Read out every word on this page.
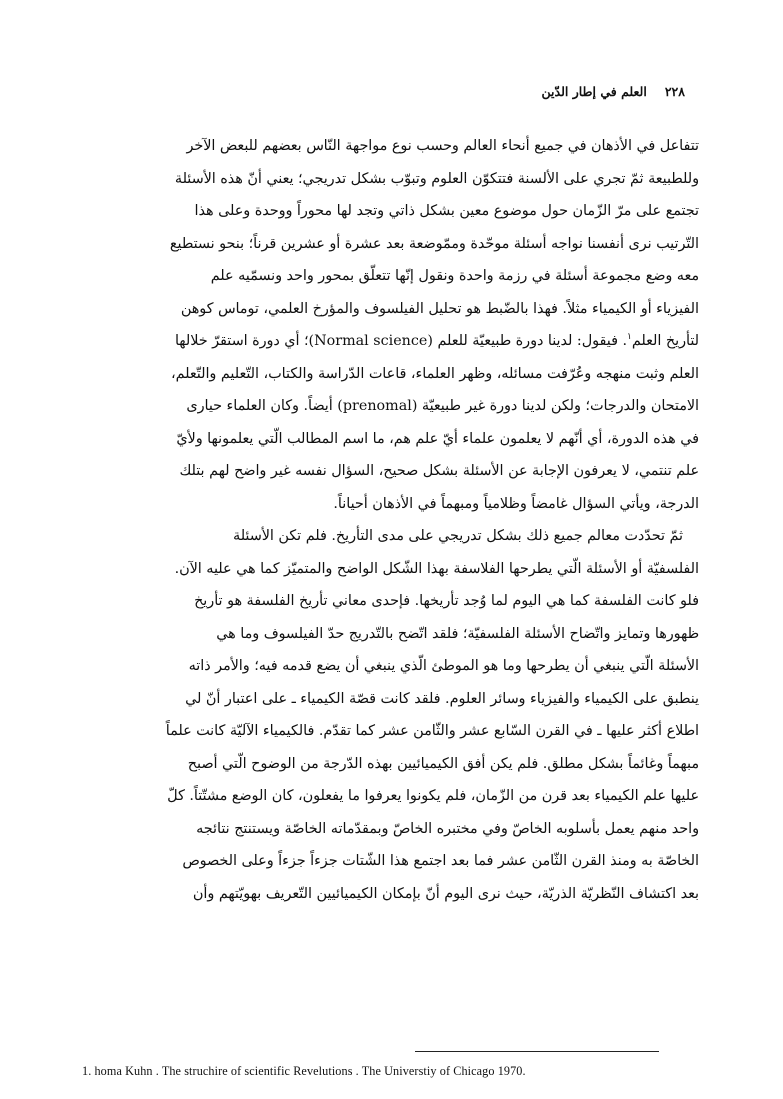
٢٢٨العلم في إطار الدّين
تتفاعل في الأذهان في جميع أنحاء العالم وحسب نوع مواجهة النّاس بعضهم للبعض الآخر
وللطبيعة ثمّ تجري على الألسنة فتتكوّن العلوم وتبوّب بشكل تدريجي؛ يعني أنّ هذه الأسئلة
تجتمع على مرّ الزّمان حول موضوع معين بشكل ذاتي وتجد لها محوراً ووحدة وعلى هذا
التّرتيب نرى أنفسنا نواجه أسئلة موحّدة وممّوضعة بعد عشرة أو عشرين قرناً؛ بنحو نستطيع
معه وضع مجموعة أسئلة في رزمة واحدة ونقول إنّها تتعلّق بمحور واحد ونسمّيه علم
الفيزياء أو الكيمياء مثلاً. فهذا بالضّبط هو تحليل الفيلسوف والمؤرخ العلمي، توماس كوهن
لتأريخ العلم$^١$. فيقول: لدينا دورة طبيعيّة للعلم (Normal science)؛ أي دورة استقرّ خلالها
العلم وثبت منهجه وعُرّفت مسائله، وظهر العلماء، قاعات الدّراسة والكتاب، التّعليم والتّعلم،
الامتحان والدرجات؛ ولكن لدينا دورة غير طبيعيّة (prenomal) أيضاً. وكان العلماء حيارى
في هذه الدورة، أي أنّهم لا يعلمون علماء أيّ علم هم، ما اسم المطالب الّتي يعلمونها ولأيّ
علم تنتمي، لا يعرفون الإجابة عن الأسئلة بشكل صحيح، السؤال نفسه غير واضح لهم بتلك
الدرجة، ويأتي السؤال غامضاً وظلامياً ومبهماً في الأذهان أحياناً.
ثمّ تحدّدت معالم جميع ذلك بشكل تدريجي على مدى التأريخ. فلم تكن الأسئلة
الفلسفيّة أو الأسئلة الّتي يطرحها الفلاسفة بهذا الشّكل الواضح والمتميّز كما هي عليه الآن.
فلو كانت الفلسفة كما هي اليوم لما وُجد تأريخها. فإحدى معاني تأريخ الفلسفة هو تأريخ
ظهورها وتمايز واتّضاح الأسئلة الفلسفيّة؛ فلقد اتّضح بالتّدريج حدّ الفيلسوف وما هي
الأسئلة الّتي ينبغي أن يطرحها وما هو الموطئ الّذي ينبغي أن يضع قدمه فيه؛ والأمر ذاته
ينطبق على الكيمياء والفيزياء وسائر العلوم. فلقد كانت قصّة الكيمياء ـ على اعتبار أنّ لي
اطلاع أكثر عليها ـ في القرن السّابع عشر والثّامن عشر كما تقدّم. فالكيمياء الآليّة كانت علماً
مبهماً وغائماً بشكل مطلق. فلم يكن أفق الكيميائيين بهذه الدّرجة من الوضوح الّتي أصبح
عليها علم الكيمياء بعد قرن من الزّمان، فلم يكونوا يعرفوا ما يفعلون، كان الوضع مشتّتاً. كلّ
واحد منهم يعمل بأسلوبه الخاصّ وفي مختبره الخاصّ وبمقدّماته الخاصّة ويستنتج نتائجه
الخاصّة به ومنذ القرن الثّامن عشر فما بعد اجتمع هذا الشّتات جزءاً جزءاً وعلى الخصوص
بعد اكتشاف النّظريّة الذريّة، حيث نرى اليوم أنّ بإمكان الكيميائيين التّعريف بهويّتهم وأن
1. homa Kuhn . The struchire of scientific Revelutions . The Universtiy of Chicago 1970.
